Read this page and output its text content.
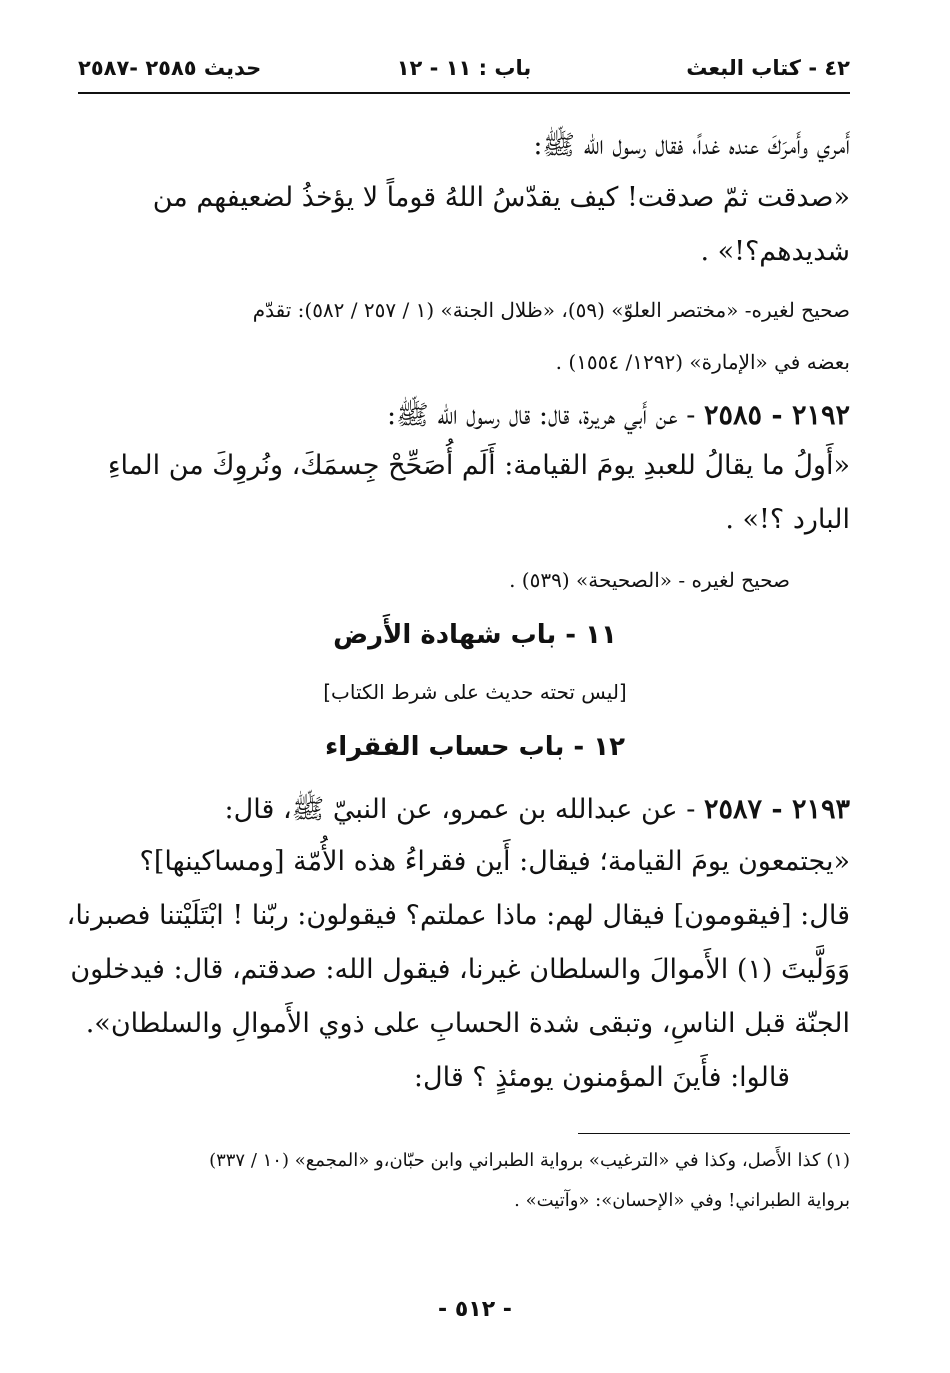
٤٢ - كتاب البعث
باب : ١١ - ١٢
حديث ٢٥٨٥ -٢٥٨٧
أَمري وأَمرَكَ عنده غداً، فقال رسول الله ﷺ:
«صدقت ثمّ صدقت! كيف يقدّسُ اللهُ قوماً لا يؤخذُ لضعيفهم من
شديدهم؟!» .
صحيح لغيره- «مختصر العلوّ» (٥٩)، «ظلال الجنة» (١ / ٢٥٧ / ٥٨٢): تقدّم
بعضه في «الإمارة» (١٢٩٢/ ١٥٥٤) .
٢١٩٢ - ٢٥٨٥ - عن أَبي هريرة، قال: قال رسول الله ﷺ:
«أَولُ ما يقالُ للعبدِ يومَ القيامة: أَلَم أُصَحِّحْ جِسمَكَ، ونُروِكَ من الماءِ
البارد ؟!» .
صحيح لغيره - «الصحيحة» (٥٣٩) .
١١ - باب شهادة الأَرض
[ليس تحته حديث على شرط الكتاب]
١٢ - باب حساب الفقراء
٢١٩٣ - ٢٥٨٧ - عن عبدالله بن عمرو، عن النبيّ ﷺ، قال:
«يجتمعون يومَ القيامة؛ فيقال: أَين فقراءُ هذه الأُمّة [ومساكينها]؟
قال: [فيقومون] فيقال لهم: ماذا عملتم؟ فيقولون: ربّنا ! ابْتَلَيْتنا فصبرنا،
وَوَلَّيتَ (١) الأَموالَ والسلطان غيرنا، فيقول الله: صدقتم، قال: فيدخلون
الجنّة قبل الناسِ، وتبقى شدة الحسابِ على ذوي الأَموالِ والسلطان».
قالوا: فأَينَ المؤمنون يومئذٍ ؟ قال:
(١) كذا الأَصل، وكذا في «الترغيب» برواية الطبراني وابن حبّان،و «المجمع» (١٠ / ٣٣٧)
برواية الطبراني! وفي «الإحسان»: «وآتيت» .
- ٥١٢ -
